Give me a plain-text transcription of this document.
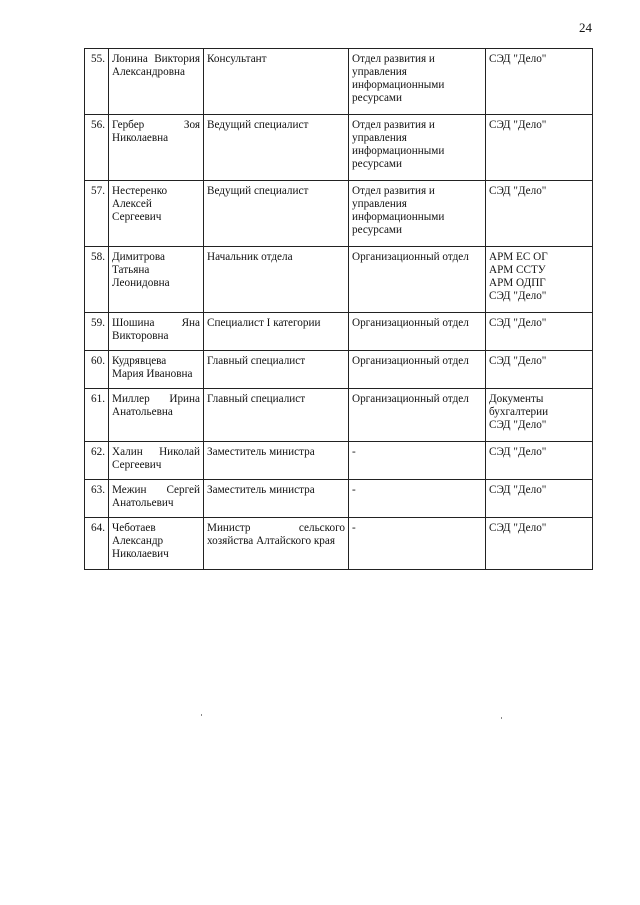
24
55.	Лонина Виктория Александровна	Консультант	Отдел развития и управления информационными ресурсами	СЭД "Дело"

56.	Гербер Зоя Николаевна	Ведущий специалист	Отдел развития и управления информационными ресурсами	СЭД "Дело"

57.	Нестеренко Алексей Сергеевич	Ведущий специалист	Отдел развития и управления информационными ресурсами	СЭД "Дело"

58.	Димитрова Татьяна Леонидовна	Начальник отдела	Организационный отдел	АРМ ЕС ОГ
АРМ ССТУ
АРМ ОДПГ
СЭД "Дело"

59.	Шошина Яна Викторовна	Специалист I категории	Организационный отдел	СЭД "Дело"

60.	Кудрявцева Мария Ивановна	Главный специалист	Организационный отдел	СЭД "Дело"

61.	Миллер Ирина Анатольевна	Главный специалист	Организационный отдел	Документы бухгалтерии
СЭД "Дело"

62.	Халин Николай Сергеевич	Заместитель министра	-	СЭД "Дело"

63.	Межин Сергей Анатольевич	Заместитель министра	-	СЭД "Дело"

64.	Чеботаев Александр Николаевич	Министр сельского хозяйства Алтайского края	-	СЭД "Дело"
